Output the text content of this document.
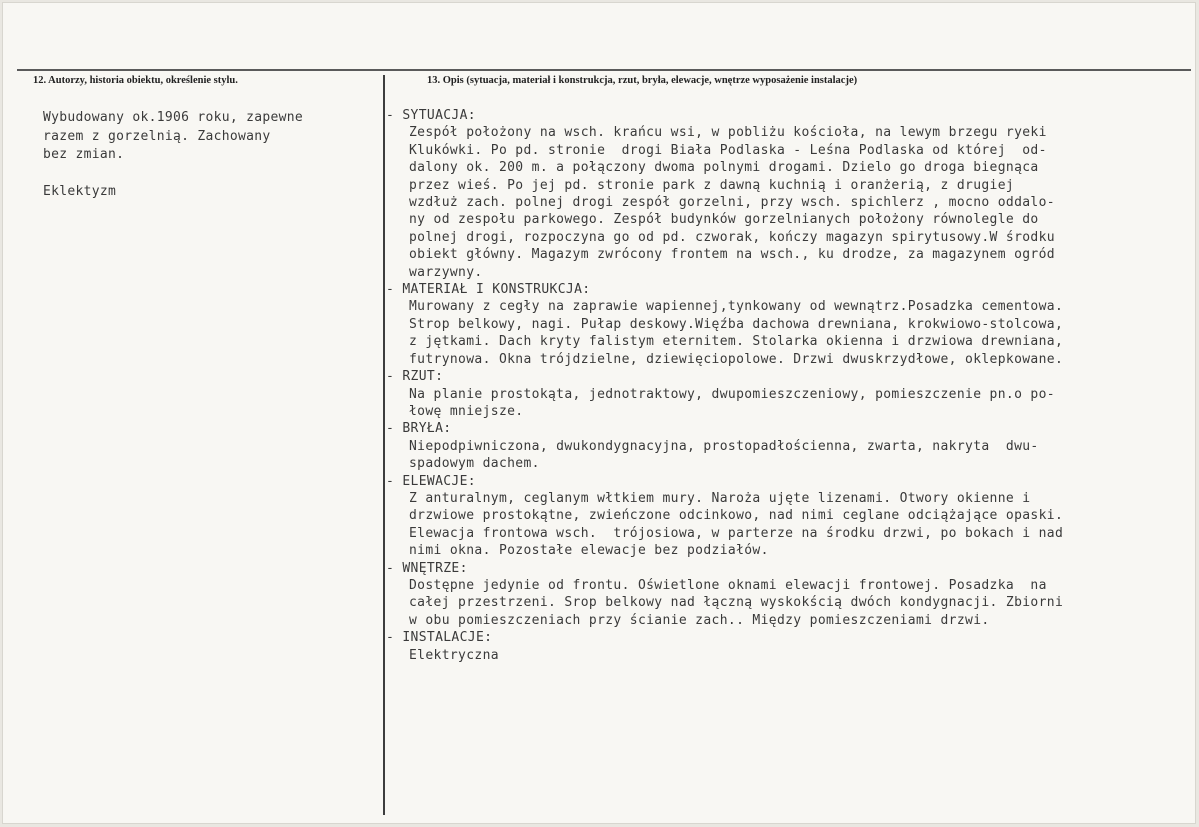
12. Autorzy, historia obiektu, określenie stylu.	13. Opis (sytuacja, materiał i konstrukcja, rzut, bryła, elewacje, wnętrze wyposażenie instalacje)
Wybudowany ok.1906 roku, zapewne
razem z gorzelnią. Zachowany
bez zmian.

Eklektyzm
- SYTUACJA:
Zespół położony na wsch. krańcu wsi, w pobliżu kościoła, na lewym brzegu ryeki
Klukówki. Po pd. stronie  drogi Biała Podlaska - Leśna Podlaska od której  od-
dalony ok. 200 m. a połączony dwoma polnymi drogami. Dzielo go droga biegnąca
przez wieś. Po jej pd. stronie park z dawną kuchnią i oranżerią, z drugiej
wzdłuż zach. polnej drogi zespół gorzelni, przy wsch. spichlerz , mocno oddalo-
ny od zespołu parkowego. Zespół budynków gorzelnianych położony równolegle do
polnej drogi, rozpoczyna go od pd. czworak, kończy magazyn spirytusowy.W środku
obiekt główny. Magazym zwrócony frontem na wsch., ku drodze, za magazynem ogród
warzywny.
- MATERIAŁ I KONSTRUKCJA:
Murowany z cegły na zaprawie wapiennej,tynkowany od wewnątrz.Posadzka cementowa.
Strop belkowy, nagi. Pułap deskowy.Więźba dachowa drewniana, krokwiowo-stolcowa,
z jętkami. Dach kryty falistym eternitem. Stolarka okienna i drzwiowa drewniana,
futrynowa. Okna trójdzielne, dziewięciopolowe. Drzwi dwuskrzydłowe, oklepkowane.
- RZUT:
Na planie prostokąta, jednotraktowy, dwupomieszczeniowy, pomieszczenie pn.o po-
łowę mniejsze.
- BRYŁA:
Niepodpiwniczona, dwukondygnacyjna, prostopadłościenna, zwarta, nakryta  dwu-
spadowym dachem.
- ELEWACJE:
Z anturalnym, ceglanym włtkiem mury. Naroża ujęte lizenami. Otwory okienne i
drzwiowe prostokątne, zwieńczone odcinkowo, nad nimi ceglane odciążające opaski.
Elewacja frontowa wsch.  trójosiowa, w parterze na środku drzwi, po bokach i nad
nimi okna. Pozostałe elewacje bez podziałów.
- WNĘTRZE:
Dostępne jedynie od frontu. Oświetlone oknami elewacji frontowej. Posadzka  na
całej przestrzeni. Srop belkowy nad łączną wyskokścią dwóch kondygnacji. Zbiorni
w obu pomieszczeniach przy ścianie zach.. Między pomieszczeniami drzwi.
- INSTALACJE:
Elektryczna
